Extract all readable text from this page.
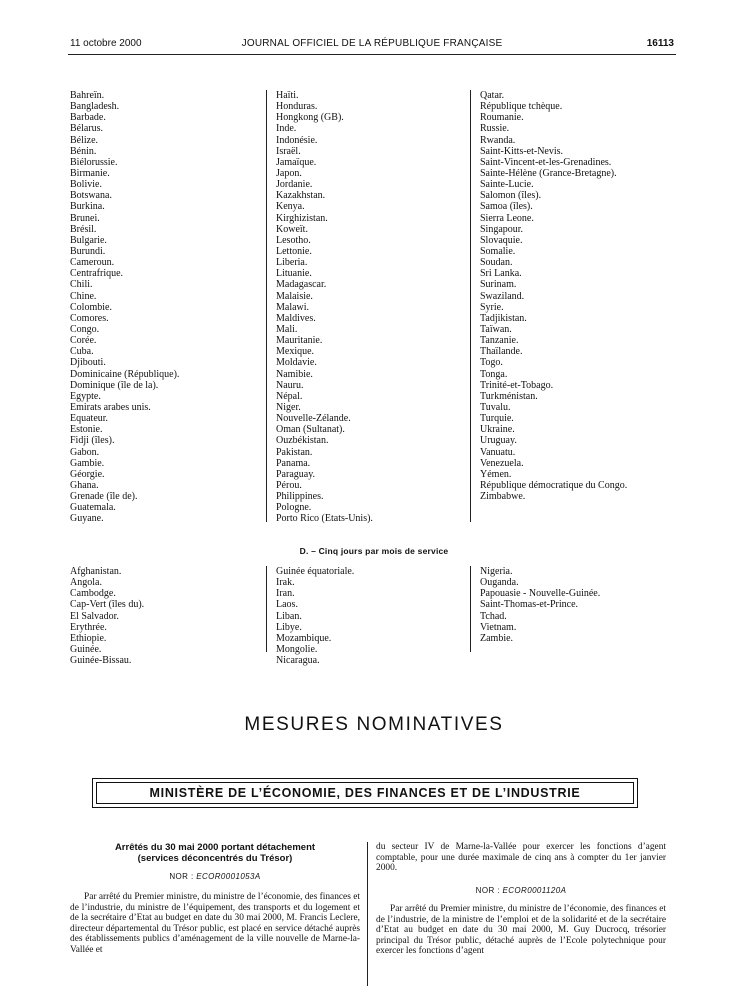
11 octobre 2000	JOURNAL OFFICIEL DE LA RÉPUBLIQUE FRANÇAISE	16113
Bahreïn.
Bangladesh.
Barbade.
Bélarus.
Bélize.
Bénin.
Biélorussie.
Birmanie.
Bolivie.
Botswana.
Burkina.
Brunei.
Brésil.
Bulgarie.
Burundi.
Cameroun.
Centrafrique.
Chili.
Chine.
Colombie.
Comores.
Congo.
Corée.
Cuba.
Djibouti.
Dominicaine (République).
Dominique (île de la).
Egypte.
Emirats arabes unis.
Equateur.
Estonie.
Fidji (îles).
Gabon.
Gambie.
Géorgie.
Ghana.
Grenade (île de).
Guatemala.
Guyane.
Haïti.
Honduras.
Hongkong (GB).
Inde.
Indonésie.
Israël.
Jamaïque.
Japon.
Jordanie.
Kazakhstan.
Kenya.
Kirghizistan.
Koweït.
Lesotho.
Lettonie.
Liberia.
Lituanie.
Madagascar.
Malaisie.
Malawi.
Maldives.
Mali.
Mauritanie.
Mexique.
Moldavie.
Namibie.
Nauru.
Népal.
Niger.
Nouvelle-Zélande.
Oman (Sultanat).
Ouzbékistan.
Pakistan.
Panama.
Paraguay.
Pérou.
Philippines.
Pologne.
Porto Rico (Etats-Unis).
Qatar.
République tchèque.
Roumanie.
Russie.
Rwanda.
Saint-Kitts-et-Nevis.
Saint-Vincent-et-les-Grenadines.
Sainte-Hélène (Grance-Bretagne).
Sainte-Lucie.
Salomon (îles).
Samoa (îles).
Sierra Leone.
Singapour.
Slovaquie.
Somalie.
Soudan.
Sri Lanka.
Surinam.
Swaziland.
Syrie.
Tadjikistan.
Taïwan.
Tanzanie.
Thaïlande.
Togo.
Tonga.
Trinité-et-Tobago.
Turkménistan.
Tuvalu.
Turquie.
Ukraine.
Uruguay.
Vanuatu.
Venezuela.
Yémen.
République démocratique du Congo.
Zimbabwe.
D. – Cinq jours par mois de service
Afghanistan.
Angola.
Cambodge.
Cap-Vert (îles du).
El Salvador.
Erythrée.
Ethiopie.
Guinée.
Guinée-Bissau.
Guinée équatoriale.
Irak.
Iran.
Laos.
Liban.
Libye.
Mozambique.
Mongolie.
Nicaragua.
Nigeria.
Ouganda.
Papouasie - Nouvelle-Guinée.
Saint-Thomas-et-Prince.
Tchad.
Vietnam.
Zambie.
MESURES NOMINATIVES
MINISTÈRE DE L’ÉCONOMIE, DES FINANCES ET DE L’INDUSTRIE
Arrêtés du 30 mai 2000 portant détachement
(services déconcentrés du Trésor)
NOR : ECOR0001053A
Par arrêté du Premier ministre, du ministre de l’économie, des finances et de l’industrie, du ministre de l’équipement, des transports et du logement et de la secrétaire d’Etat au budget en date du 30 mai 2000, M. Francis Leclere, directeur départemental du Trésor public, est placé en service détaché auprès des établissements publics d’aménagement de la ville nouvelle de Marne-la-Vallée et
du secteur IV de Marne-la-Vallée pour exercer les fonctions d’agent comptable, pour une durée maximale de cinq ans à compter du 1er janvier 2000.
NOR : ECOR0001120A
Par arrêté du Premier ministre, du ministre de l’économie, des finances et de l’industrie, de la ministre de l’emploi et de la solidarité et de la secrétaire d’Etat au budget en date du 30 mai 2000, M. Guy Ducrocq, trésorier principal du Trésor public, détaché auprès de l’Ecole polytechnique pour exercer les fonctions d’agent
